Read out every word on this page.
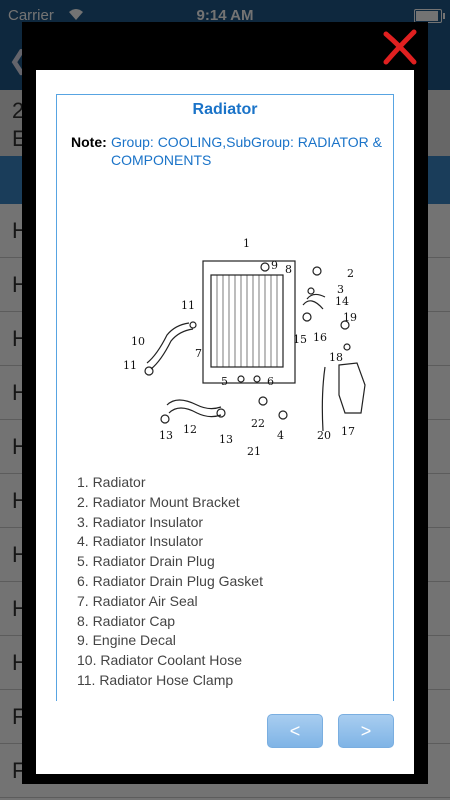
Radiator
Note: Group: COOLING,SubGroup: RADIATOR & COMPONENTS
1
2
3
4
5	6
7
8
9
10
11
11
12
13	13
14
15 16
17
18
19
20
21
22
1. Radiator
2. Radiator Mount Bracket
3. Radiator Insulator
4. Radiator Insulator
5. Radiator Drain Plug
6. Radiator Drain Plug Gasket
7. Radiator Air Seal
8. Radiator Cap
9. Engine Decal
10. Radiator Coolant Hose
11. Radiator Hose Clamp
<	>
